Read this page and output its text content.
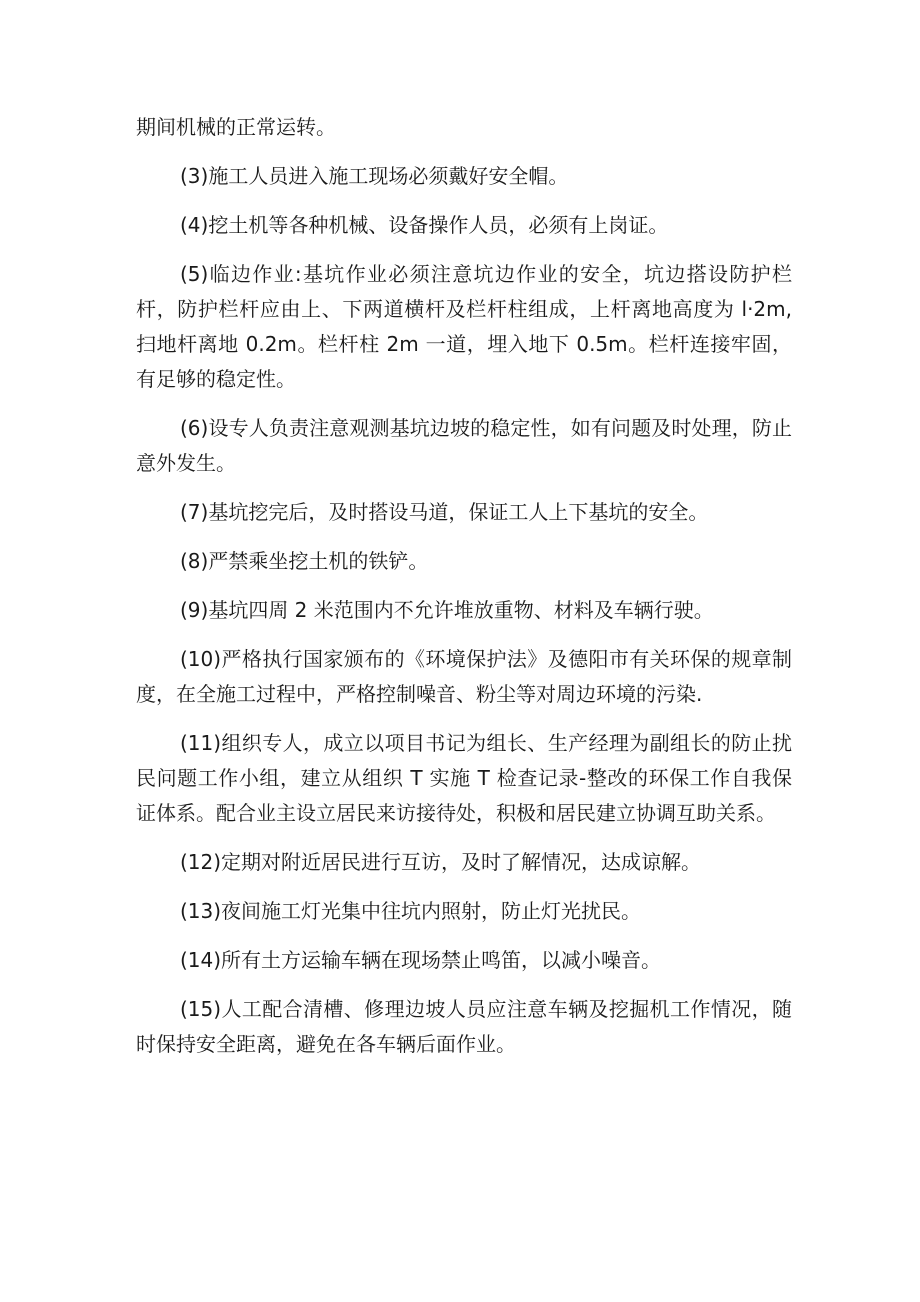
期间机械的正常运转。

(3)施工人员进入施工现场必须戴好安全帽。

(4)挖土机等各种机械、设备操作人员，必须有上岗证。

(5)临边作业:基坑作业必须注意坑边作业的安全，坑边搭设防护栏杆，防护栏杆应由上、下两道横杆及栏杆柱组成，上杆离地高度为 l·2m,扫地杆离地 0.2m。栏杆柱 2m 一道，埋入地下 0.5m。栏杆连接牢固，有足够的稳定性。

(6)设专人负责注意观测基坑边坡的稳定性，如有问题及时处理，防止意外发生。

(7)基坑挖完后，及时搭设马道，保证工人上下基坑的安全。

(8)严禁乘坐挖土机的铁铲。

(9)基坑四周 2 米范围内不允许堆放重物、材料及车辆行驶。

(10)严格执行国家颁布的《环境保护法》及德阳市有关环保的规章制度，在全施工过程中，严格控制噪音、粉尘等对周边环境的污染.

(11)组织专人，成立以项目书记为组长、生产经理为副组长的防止扰民问题工作小组，建立从组织 T 实施 T 检查记录-整改的环保工作自我保证体系。配合业主设立居民来访接待处，积极和居民建立协调互助关系。

(12)定期对附近居民进行互访，及时了解情况，达成谅解。

(13)夜间施工灯光集中往坑内照射，防止灯光扰民。

(14)所有土方运输车辆在现场禁止鸣笛，以减小噪音。

(15)人工配合清槽、修理边坡人员应注意车辆及挖掘机工作情况，随时保持安全距离，避免在各车辆后面作业。
